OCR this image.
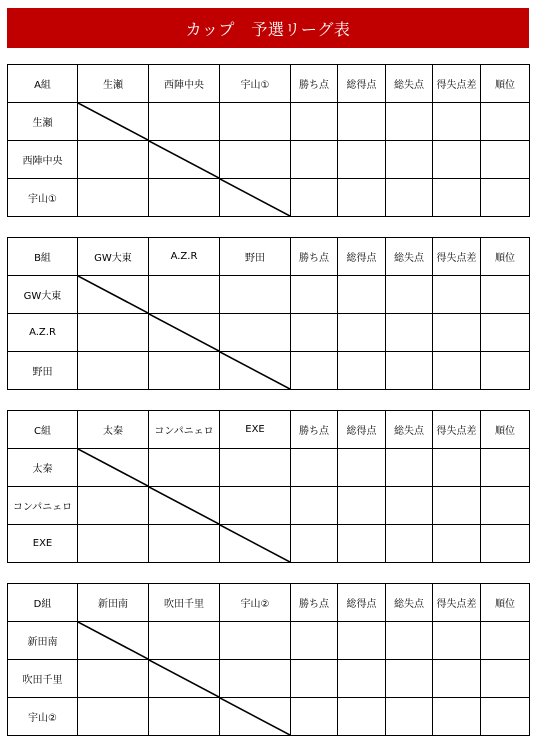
カップ　予選リーグ表
A組	生瀬	西陣中央	宇山①	勝ち点	総得点	総失点	得失点差	順位
生瀬	

西陣中央		

宇山①			

B組	GW大東	A.Z.R	野田	勝ち点	総得点	総失点	得失点差	順位
GW大東	

A.Z.R		

野田			

C組	太秦	コンパニェロ	EXE	勝ち点	総得点	総失点	得失点差	順位
太秦	

コンパニェロ		

EXE			

D組	新田南	吹田千里	宇山②	勝ち点	総得点	総失点	得失点差	順位
新田南	

吹田千里		

宇山②			
